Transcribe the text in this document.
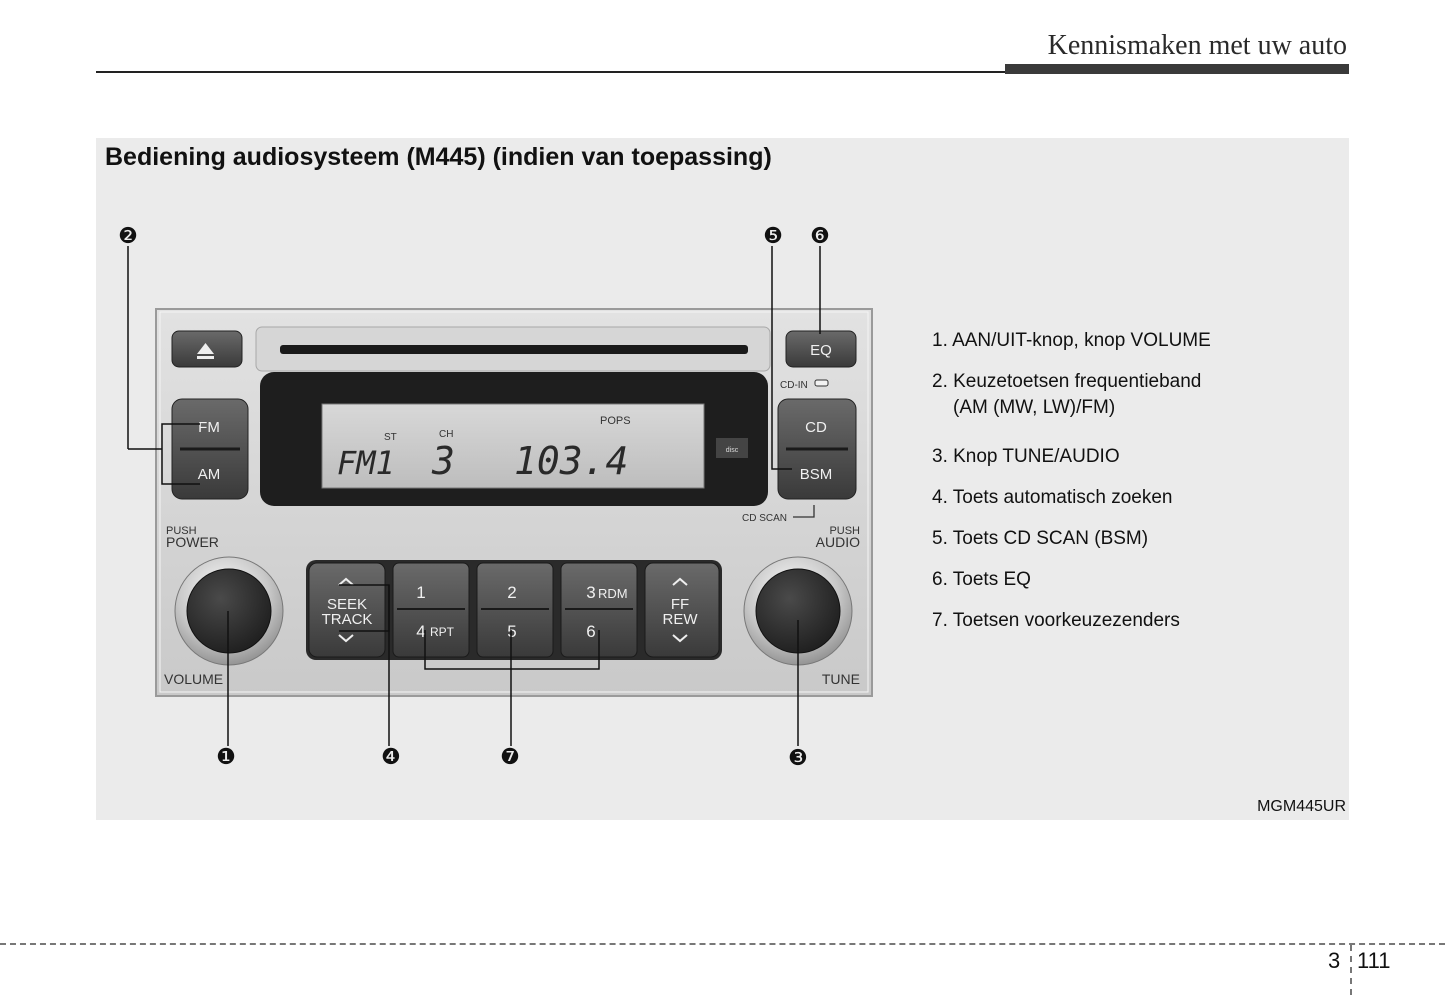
Kennismaken met uw auto
Bediening audiosysteem (M445) (indien van toepassing)
MGM445UR
EQ
CD-IN
FM
AM
CD
BSM
CD SCAN
ST	CH
POPS
FM1 3 103.4	disc
PUSH
POWER
PUSH
AUDIO
VOLUME	TUNE
SEEK
TRACK
1
4 RPT
2
5
3 RDM
6
FF
REW
❷	❺ ❻
❶	❹	❼	❸
1. AAN/UIT-knop, knop VOLUME
2. Keuzetoetsen frequentieband
(AM (MW, LW)/FM)
3. Knop TUNE/AUDIO
4. Toets automatisch zoeken
5. Toets CD SCAN (BSM)
6. Toets EQ
7. Toetsen voorkeuzezenders
3 111
